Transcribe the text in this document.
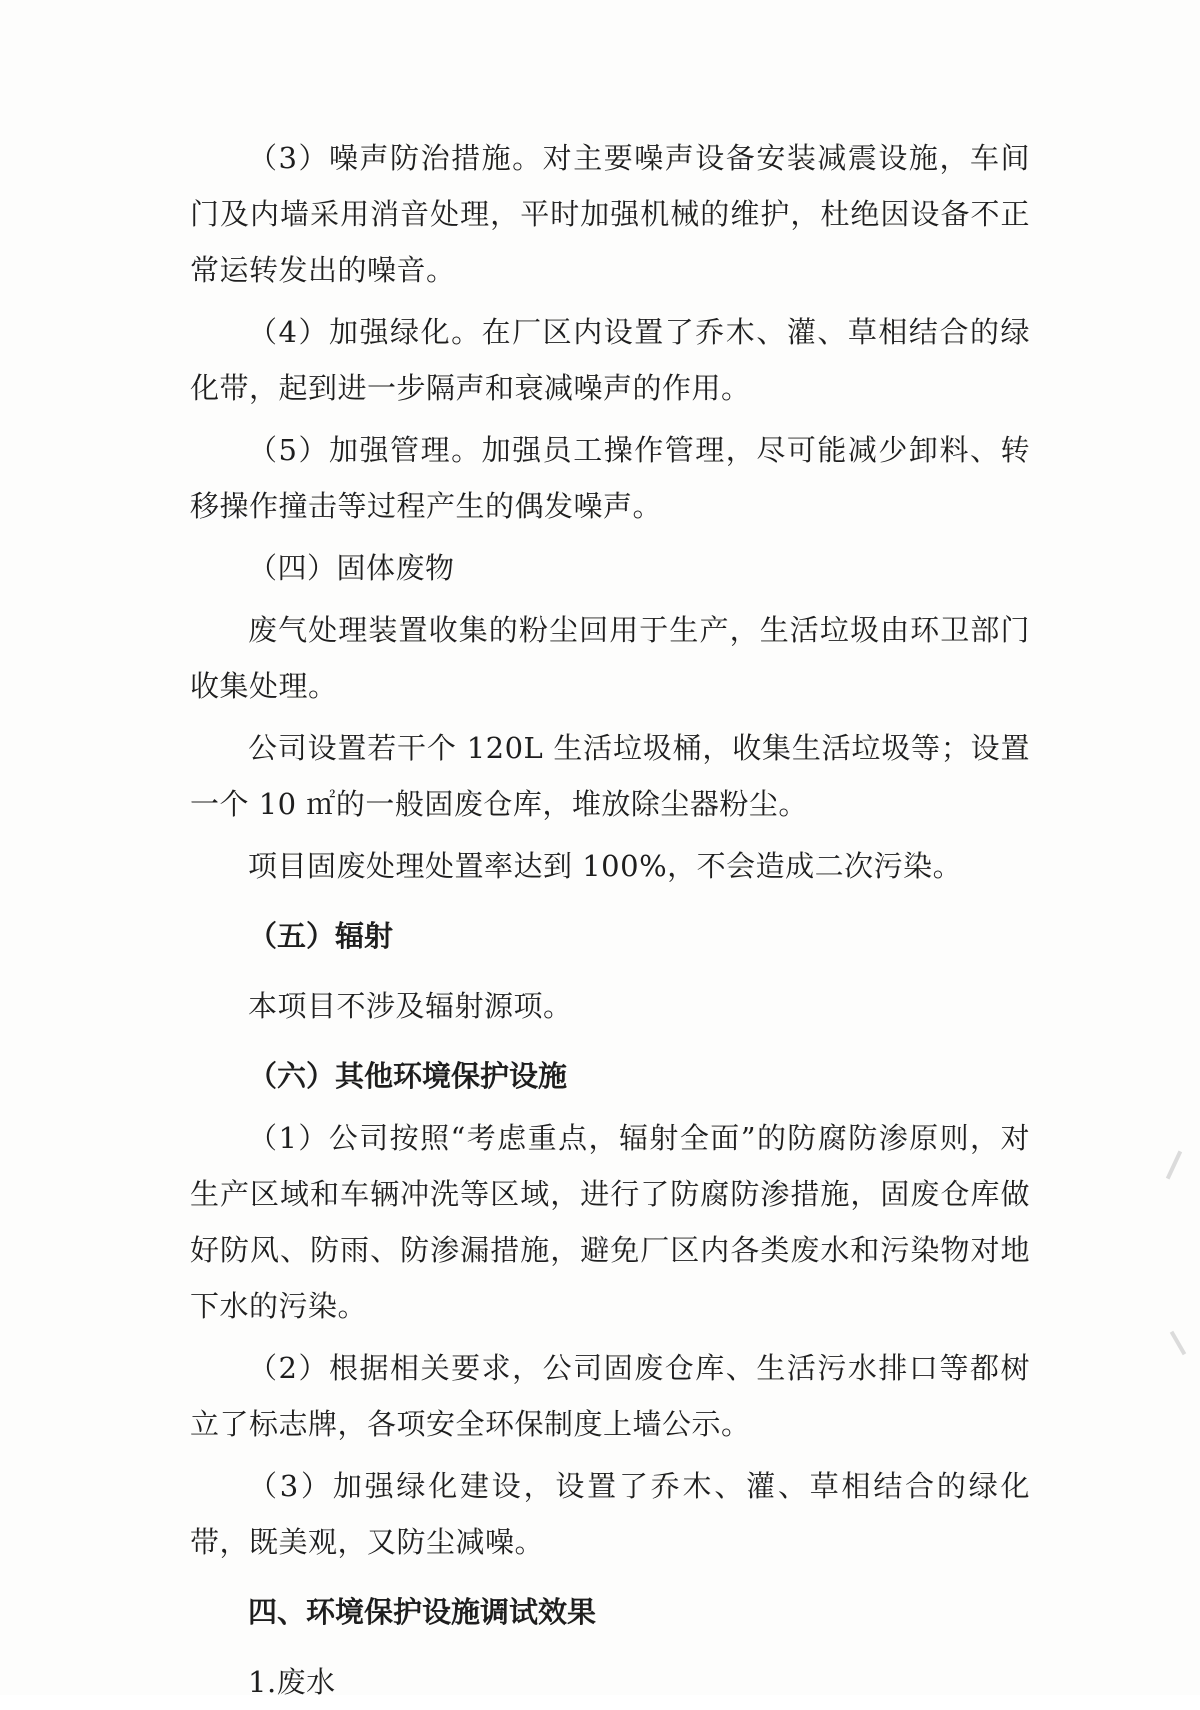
（3）噪声防治措施。对主要噪声设备安装减震设施，车间门及内墙采用消音处理，平时加强机械的维护，杜绝因设备不正常运转发出的噪音。

（4）加强绿化。在厂区内设置了乔木、灌、草相结合的绿化带，起到进一步隔声和衰减噪声的作用。

（5）加强管理。加强员工操作管理，尽可能减少卸料、转移操作撞击等过程产生的偶发噪声。

（四）固体废物

废气处理装置收集的粉尘回用于生产，生活垃圾由环卫部门收集处理。

公司设置若干个 120L 生活垃圾桶，收集生活垃圾等；设置一个 10 ㎡的一般固废仓库，堆放除尘器粉尘。

项目固废处理处置率达到 100%，不会造成二次污染。

（五）辐射

本项目不涉及辐射源项。

（六）其他环境保护设施

（1）公司按照“考虑重点，辐射全面”的防腐防渗原则，对生产区域和车辆冲洗等区域，进行了防腐防渗措施，固废仓库做好防风、防雨、防渗漏措施，避免厂区内各类废水和污染物对地下水的污染。

（2）根据相关要求，公司固废仓库、生活污水排口等都树立了标志牌，各项安全环保制度上墙公示。

（3）加强绿化建设，设置了乔木、灌、草相结合的绿化带，既美观，又防尘减噪。

四、环境保护设施调试效果

1.废水
